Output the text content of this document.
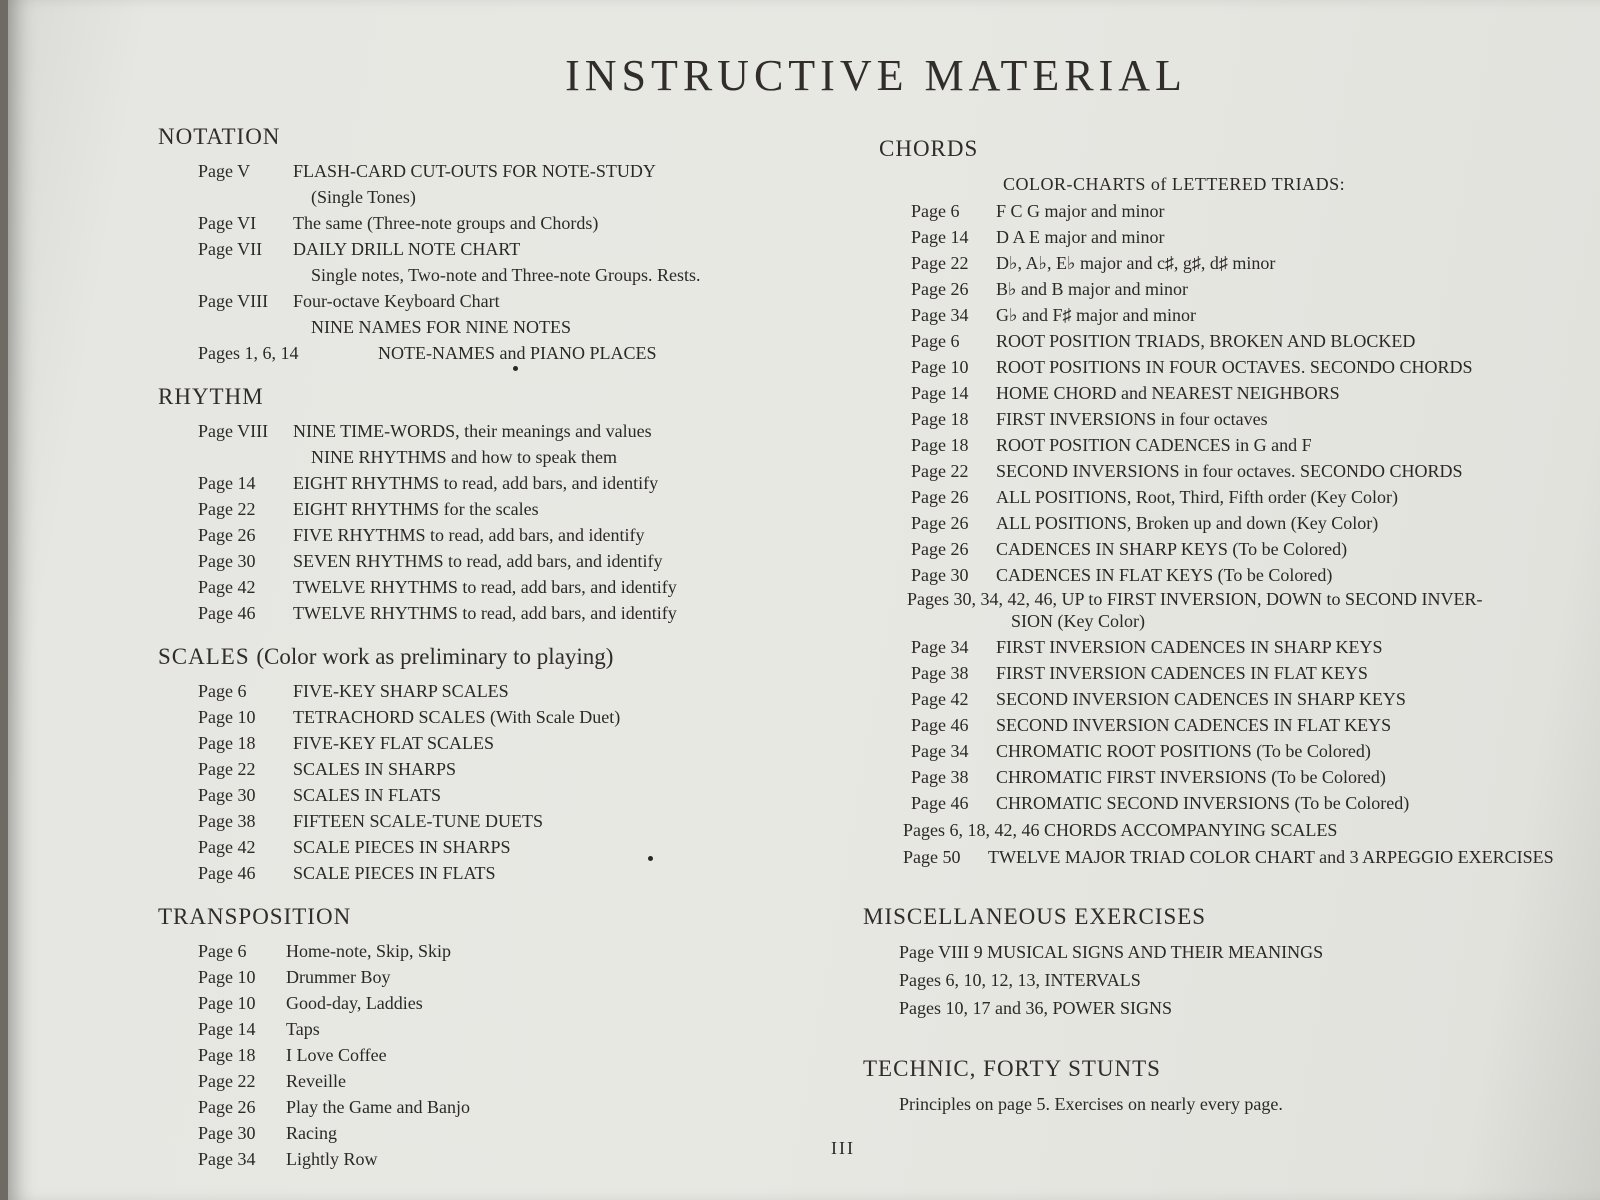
INSTRUCTIVE MATERIAL
NOTATION
Page V	FLASH-CARD CUT-OUTS FOR NOTE-STUDY
(Single Tones)
Page VI	The same (Three-note groups and Chords)
Page VII	DAILY DRILL NOTE CHART
Single notes, Two-note and Three-note Groups. Rests.
Page VIII	Four-octave Keyboard Chart
NINE NAMES FOR NINE NOTES
Pages 1, 6, 14	NOTE-NAMES and PIANO PLACES
RHYTHM
Page VIII	NINE TIME-WORDS, their meanings and values
NINE RHYTHMS and how to speak them
Page 14	EIGHT RHYTHMS to read, add bars, and identify
Page 22	EIGHT RHYTHMS for the scales
Page 26	FIVE RHYTHMS to read, add bars, and identify
Page 30	SEVEN RHYTHMS to read, add bars, and identify
Page 42	TWELVE RHYTHMS to read, add bars, and identify
Page 46	TWELVE RHYTHMS to read, add bars, and identify
SCALES (Color work as preliminary to playing)
Page 6	FIVE-KEY SHARP SCALES
Page 10	TETRACHORD SCALES (With Scale Duet)
Page 18	FIVE-KEY FLAT SCALES
Page 22	SCALES IN SHARPS
Page 30	SCALES IN FLATS
Page 38	FIFTEEN SCALE-TUNE DUETS
Page 42	SCALE PIECES IN SHARPS
Page 46	SCALE PIECES IN FLATS
TRANSPOSITION
Page 6	Home-note, Skip, Skip
Page 10	Drummer Boy
Page 10	Good-day, Laddies
Page 14	Taps
Page 18	I Love Coffee
Page 22	Reveille
Page 26	Play the Game and Banjo
Page 30	Racing
Page 34	Lightly Row
CHORDS
COLOR-CHARTS of LETTERED TRIADS:
Page 6	F C G major and minor
Page 14	D A E major and minor
Page 22	D♭, A♭, E♭ major and c♯, g♯, d♯ minor
Page 26	B♭ and B major and minor
Page 34	G♭ and F♯ major and minor
Page 6	ROOT POSITION TRIADS, BROKEN AND BLOCKED
Page 10	ROOT POSITIONS IN FOUR OCTAVES. SECONDO CHORDS
Page 14	HOME CHORD and NEAREST NEIGHBORS
Page 18	FIRST INVERSIONS in four octaves
Page 18	ROOT POSITION CADENCES in G and F
Page 22	SECOND INVERSIONS in four octaves. SECONDO CHORDS
Page 26	ALL POSITIONS, Root, Third, Fifth order (Key Color)
Page 26	ALL POSITIONS, Broken up and down (Key Color)
Page 26	CADENCES IN SHARP KEYS (To be Colored)
Page 30	CADENCES IN FLAT KEYS (To be Colored)
Pages 30, 34, 42, 46, UP to FIRST INVERSION, DOWN to SECOND INVER-
SION (Key Color)
Page 34	FIRST INVERSION CADENCES IN SHARP KEYS
Page 38	FIRST INVERSION CADENCES IN FLAT KEYS
Page 42	SECOND INVERSION CADENCES IN SHARP KEYS
Page 46	SECOND INVERSION CADENCES IN FLAT KEYS
Page 34	CHROMATIC ROOT POSITIONS (To be Colored)
Page 38	CHROMATIC FIRST INVERSIONS (To be Colored)
Page 46	CHROMATIC SECOND INVERSIONS (To be Colored)
Pages 6, 18, 42, 46 CHORDS ACCOMPANYING SCALES
Page 50	TWELVE MAJOR TRIAD COLOR CHART and 3 ARPEGGIO EXERCISES
MISCELLANEOUS EXERCISES
Page VIII 9 MUSICAL SIGNS AND THEIR MEANINGS
Pages 6, 10, 12, 13, INTERVALS
Pages 10, 17 and 36, POWER SIGNS
TECHNIC, FORTY STUNTS
Principles on page 5. Exercises on nearly every page.
III
